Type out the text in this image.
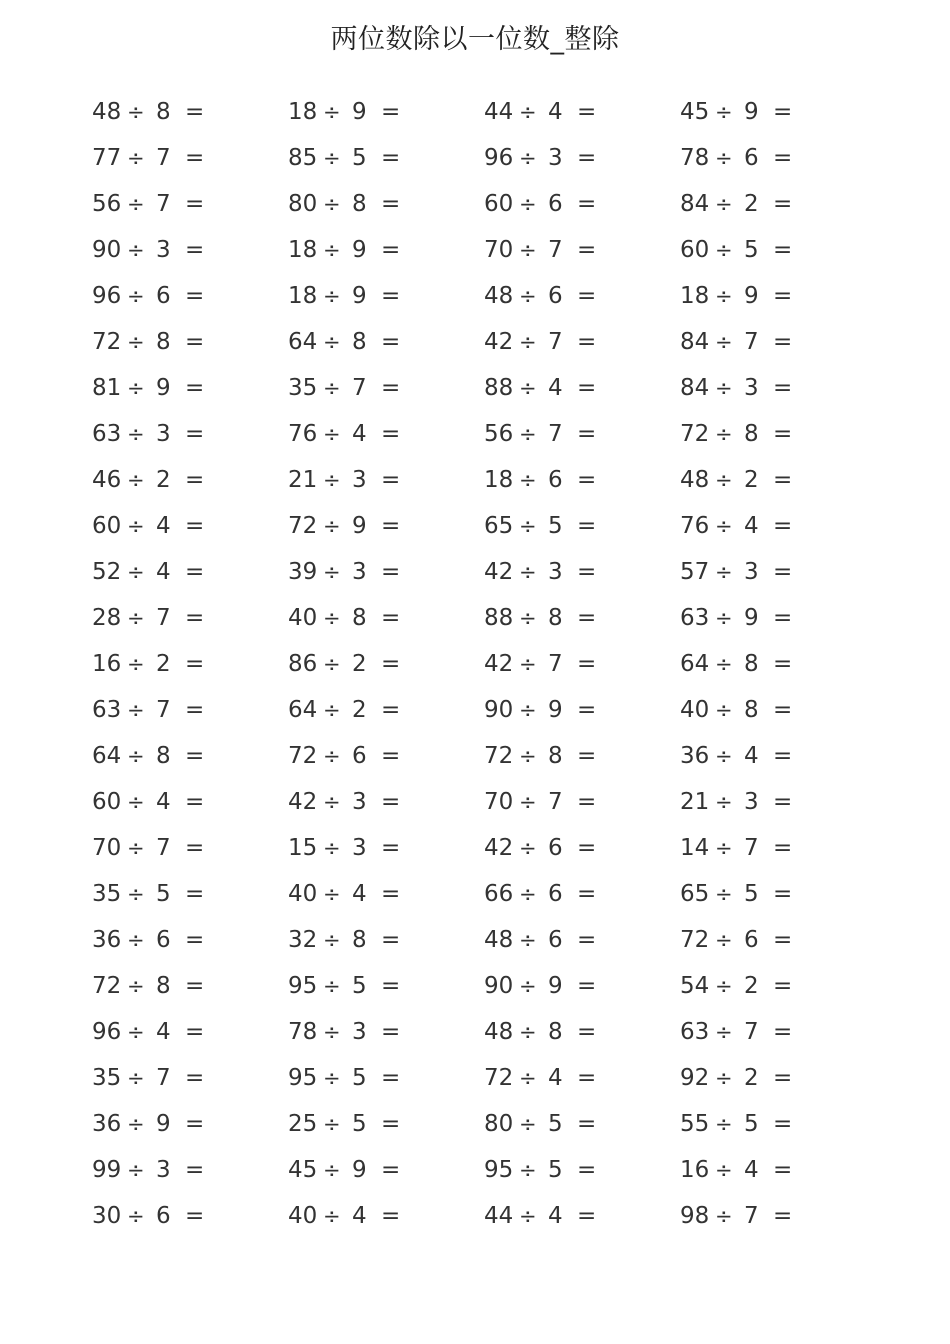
两位数除以一位数_整除
48 ÷ 8 =	18 ÷ 9 =	44 ÷ 4 =	45 ÷ 9 =
77 ÷ 7 =	85 ÷ 5 =	96 ÷ 3 =	78 ÷ 6 =
56 ÷ 7 =	80 ÷ 8 =	60 ÷ 6 =	84 ÷ 2 =
90 ÷ 3 =	18 ÷ 9 =	70 ÷ 7 =	60 ÷ 5 =
96 ÷ 6 =	18 ÷ 9 =	48 ÷ 6 =	18 ÷ 9 =
72 ÷ 8 =	64 ÷ 8 =	42 ÷ 7 =	84 ÷ 7 =
81 ÷ 9 =	35 ÷ 7 =	88 ÷ 4 =	84 ÷ 3 =
63 ÷ 3 =	76 ÷ 4 =	56 ÷ 7 =	72 ÷ 8 =
46 ÷ 2 =	21 ÷ 3 =	18 ÷ 6 =	48 ÷ 2 =
60 ÷ 4 =	72 ÷ 9 =	65 ÷ 5 =	76 ÷ 4 =
52 ÷ 4 =	39 ÷ 3 =	42 ÷ 3 =	57 ÷ 3 =
28 ÷ 7 =	40 ÷ 8 =	88 ÷ 8 =	63 ÷ 9 =
16 ÷ 2 =	86 ÷ 2 =	42 ÷ 7 =	64 ÷ 8 =
63 ÷ 7 =	64 ÷ 2 =	90 ÷ 9 =	40 ÷ 8 =
64 ÷ 8 =	72 ÷ 6 =	72 ÷ 8 =	36 ÷ 4 =
60 ÷ 4 =	42 ÷ 3 =	70 ÷ 7 =	21 ÷ 3 =
70 ÷ 7 =	15 ÷ 3 =	42 ÷ 6 =	14 ÷ 7 =
35 ÷ 5 =	40 ÷ 4 =	66 ÷ 6 =	65 ÷ 5 =
36 ÷ 6 =	32 ÷ 8 =	48 ÷ 6 =	72 ÷ 6 =
72 ÷ 8 =	95 ÷ 5 =	90 ÷ 9 =	54 ÷ 2 =
96 ÷ 4 =	78 ÷ 3 =	48 ÷ 8 =	63 ÷ 7 =
35 ÷ 7 =	95 ÷ 5 =	72 ÷ 4 =	92 ÷ 2 =
36 ÷ 9 =	25 ÷ 5 =	80 ÷ 5 =	55 ÷ 5 =
99 ÷ 3 =	45 ÷ 9 =	95 ÷ 5 =	16 ÷ 4 =
30 ÷ 6 =	40 ÷ 4 =	44 ÷ 4 =	98 ÷ 7 =
